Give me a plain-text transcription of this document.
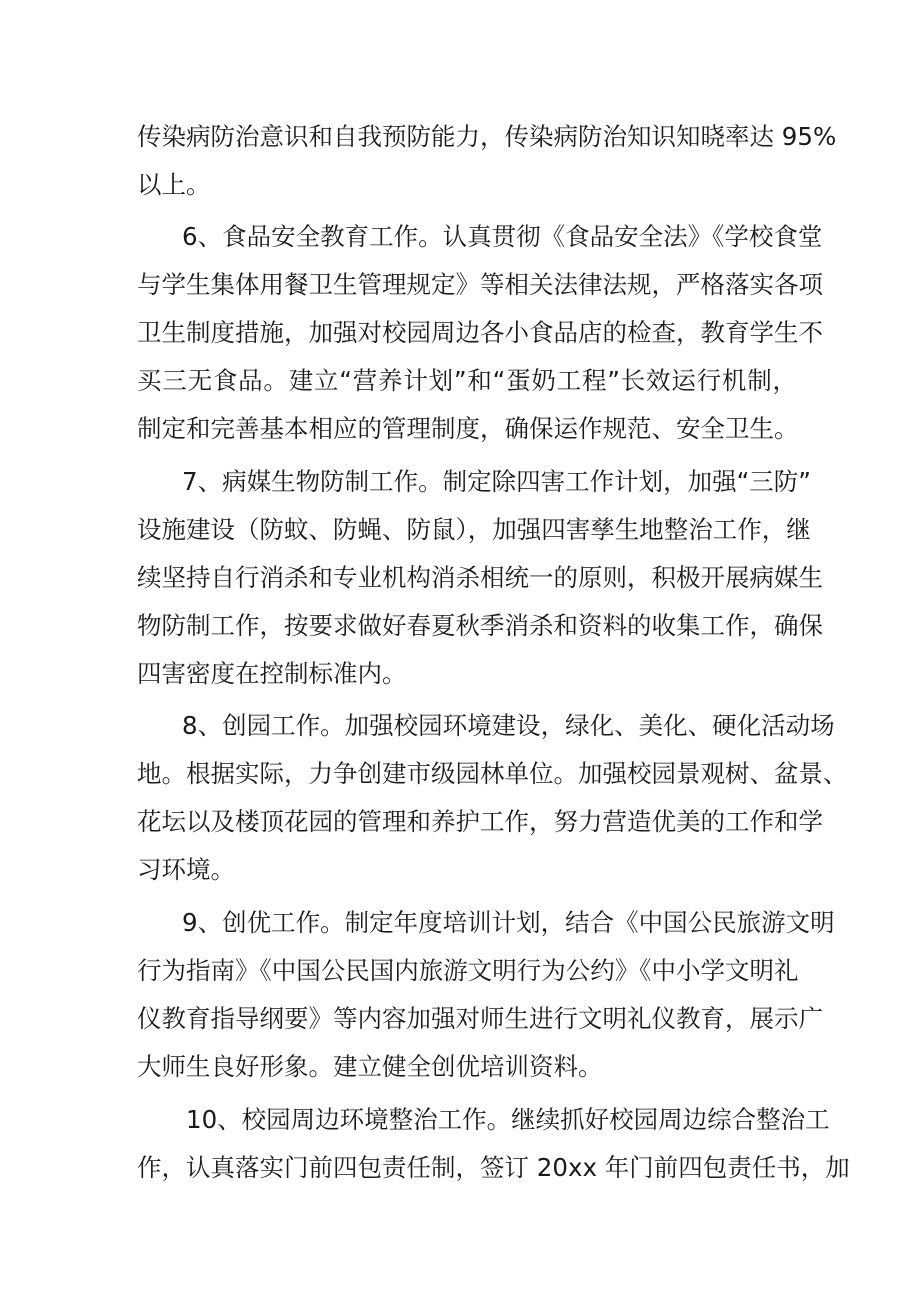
传染病防治意识和自我预防能力，传染病防治知识知晓率达 95%
以上。
6、食品安全教育工作。认真贯彻《食品安全法》《学校食堂
与学生集体用餐卫生管理规定》等相关法律法规，严格落实各项
卫生制度措施，加强对校园周边各小食品店的检查，教育学生不
买三无食品。建立“营养计划”和“蛋奶工程”长效运行机制，
制定和完善基本相应的管理制度，确保运作规范、安全卫生。
7、病媒生物防制工作。制定除四害工作计划，加强“三防”
设施建设（防蚊、防蝇、防鼠），加强四害孳生地整治工作，继
续坚持自行消杀和专业机构消杀相统一的原则，积极开展病媒生
物防制工作，按要求做好春夏秋季消杀和资料的收集工作，确保
四害密度在控制标准内。
8、创园工作。加强校园环境建设，绿化、美化、硬化活动场
地。根据实际，力争创建市级园林单位。加强校园景观树、盆景、
花坛以及楼顶花园的管理和养护工作，努力营造优美的工作和学
习环境。
9、创优工作。制定年度培训计划，结合《中国公民旅游文明
行为指南》《中国公民国内旅游文明行为公约》《中小学文明礼
仪教育指导纲要》等内容加强对师生进行文明礼仪教育，展示广
大师生良好形象。建立健全创优培训资料。
10、校园周边环境整治工作。继续抓好校园周边综合整治工
作，认真落实门前四包责任制，签订 20xx 年门前四包责任书，加
